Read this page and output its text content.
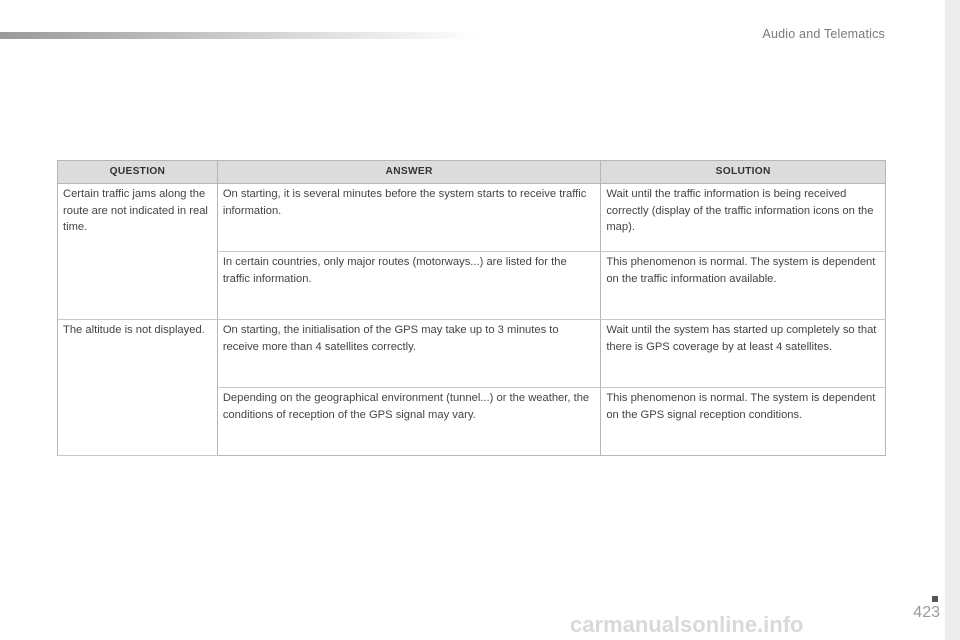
Audio and Telematics
QUESTION	ANSWER	SOLUTION
Certain traffic jams along the route are not indicated in real time.	On starting, it is several minutes before the system starts to receive traffic information.	Wait until the traffic information is being received correctly (display of the traffic information icons on the map).
	In certain countries, only major routes (motorways...) are listed for the traffic information.	This phenomenon is normal. The system is dependent on the traffic information available.
The altitude is not displayed.	On starting, the initialisation of the GPS may take up to 3 minutes to receive more than 4 satellites correctly.	Wait until the system has started up completely so that there is GPS coverage by at least 4 satellites.
	Depending on the geographical environment (tunnel...) or the weather, the conditions of reception of the GPS signal may vary.	This phenomenon is normal. The system is dependent on the GPS signal reception conditions.
423
carmanualsonline.info
